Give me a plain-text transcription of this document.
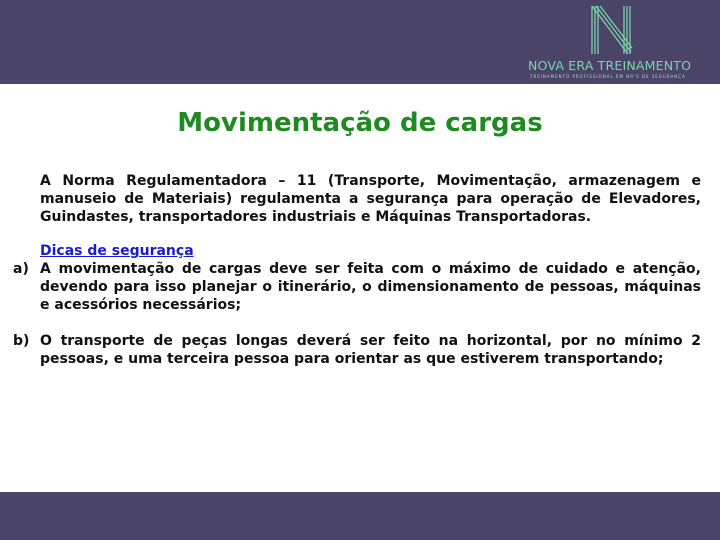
NOVA ERA TREINAMENTO
TREINAMENTO PROFISSIONAL EM NR'S DE SEGURANÇA
Movimentação de cargas

A Norma Regulamentadora – 11 (Transporte, Movimentação, armazenagem e manuseio de Materiais) regulamenta a segurança para operação de Elevadores, Guindastes, transportadores industriais e Máquinas Transportadoras.

Dicas de segurança
a) A movimentação de cargas deve ser feita com o máximo de cuidado e atenção, devendo para isso planejar o itinerário, o dimensionamento de pessoas, máquinas e acessórios necessários;
b) O transporte de peças longas deverá ser feito na horizontal, por no mínimo 2 pessoas, e uma terceira pessoa para orientar as que estiverem transportando;
